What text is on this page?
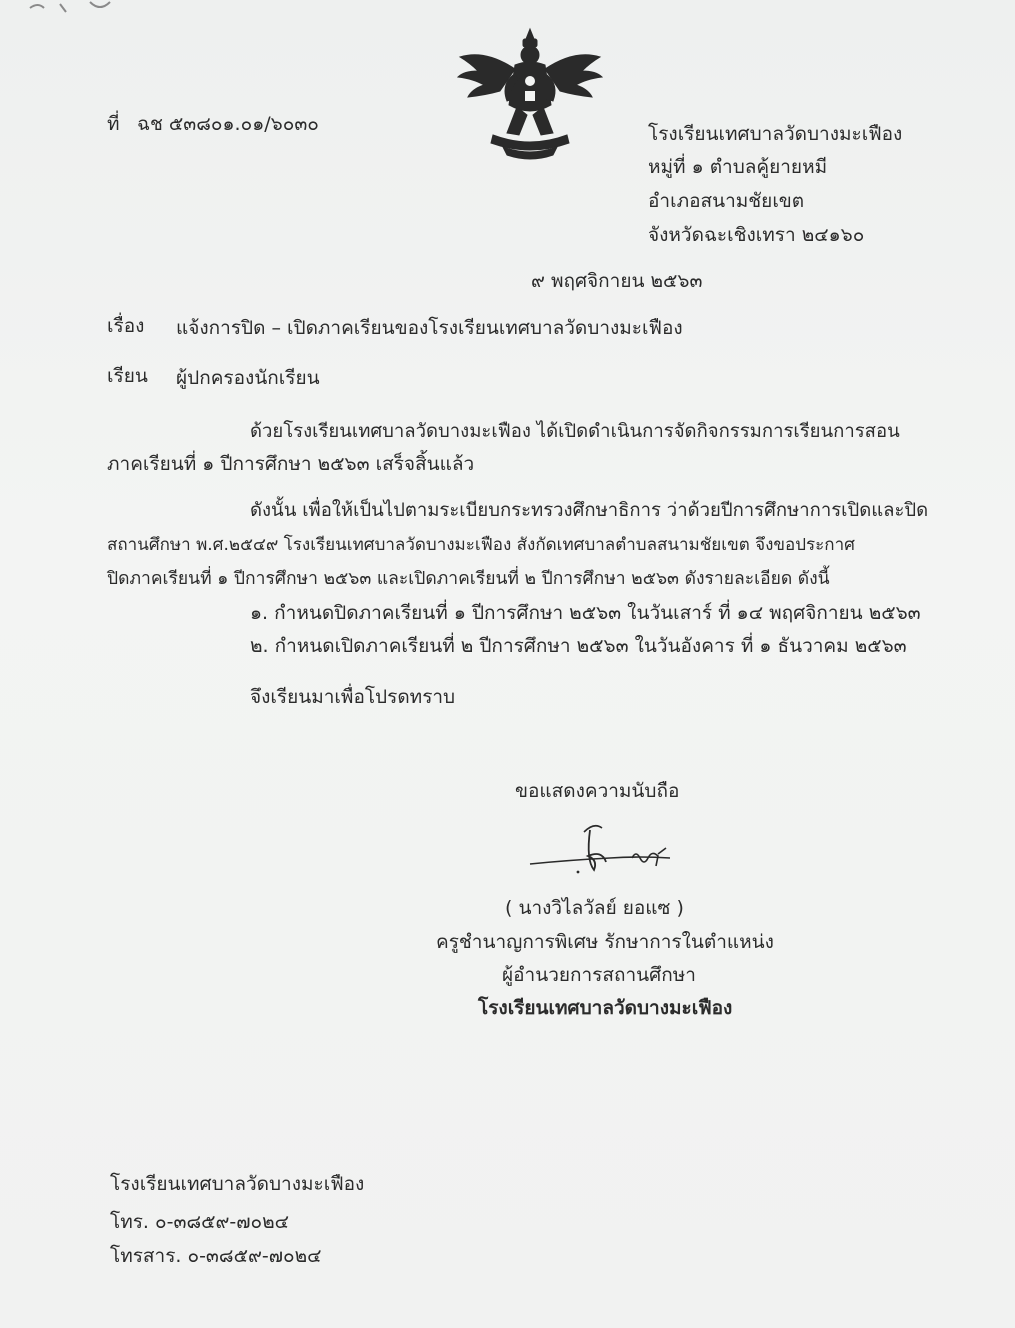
ที่ ฉช ๕๓๘๐๑.๐๑/๖๐๓๐	โรงเรียนเทศบาลวัดบางมะเฟือง
หมู่ที่ ๑ ตำบลคู้ยายหมี
อำเภอสนามชัยเขต
จังหวัดฉะเชิงเทรา ๒๔๑๖๐
๙ พฤศจิกายน ๒๕๖๓
เรื่อง แจ้งการปิด – เปิดภาคเรียนของโรงเรียนเทศบาลวัดบางมะเฟือง
เรียน ผู้ปกครองนักเรียน
ด้วยโรงเรียนเทศบาลวัดบางมะเฟือง ได้เปิดดำเนินการจัดกิจกรรมการเรียนการสอน
ภาคเรียนที่ ๑ ปีการศึกษา ๒๕๖๓ เสร็จสิ้นแล้ว
ดังนั้น เพื่อให้เป็นไปตามระเบียบกระทรวงศึกษาธิการ ว่าด้วยปีการศึกษาการเปิดและปิด
สถานศึกษา พ.ศ.๒๕๔๙ โรงเรียนเทศบาลวัดบางมะเฟือง สังกัดเทศบาลตำบลสนามชัยเขต จึงขอประกาศ
ปิดภาคเรียนที่ ๑ ปีการศึกษา ๒๕๖๓ และเปิดภาคเรียนที่ ๒ ปีการศึกษา ๒๕๖๓ ดังรายละเอียด ดังนี้
๑. กำหนดปิดภาคเรียนที่ ๑ ปีการศึกษา ๒๕๖๓ ในวันเสาร์ ที่ ๑๔ พฤศจิกายน ๒๕๖๓
๒. กำหนดเปิดภาคเรียนที่ ๒ ปีการศึกษา ๒๕๖๓ ในวันอังคาร ที่ ๑ ธันวาคม ๒๕๖๓
จึงเรียนมาเพื่อโปรดทราบ
ขอแสดงความนับถือ
( นางวิไลวัลย์ ยอแซ )
ครูชำนาญการพิเศษ รักษาการในตำแหน่ง
ผู้อำนวยการสถานศึกษา
โรงเรียนเทศบาลวัดบางมะเฟือง
โรงเรียนเทศบาลวัดบางมะเฟือง
โทร. ๐-๓๘๕๙-๗๐๒๔
โทรสาร. ๐-๓๘๕๙-๗๐๒๔
